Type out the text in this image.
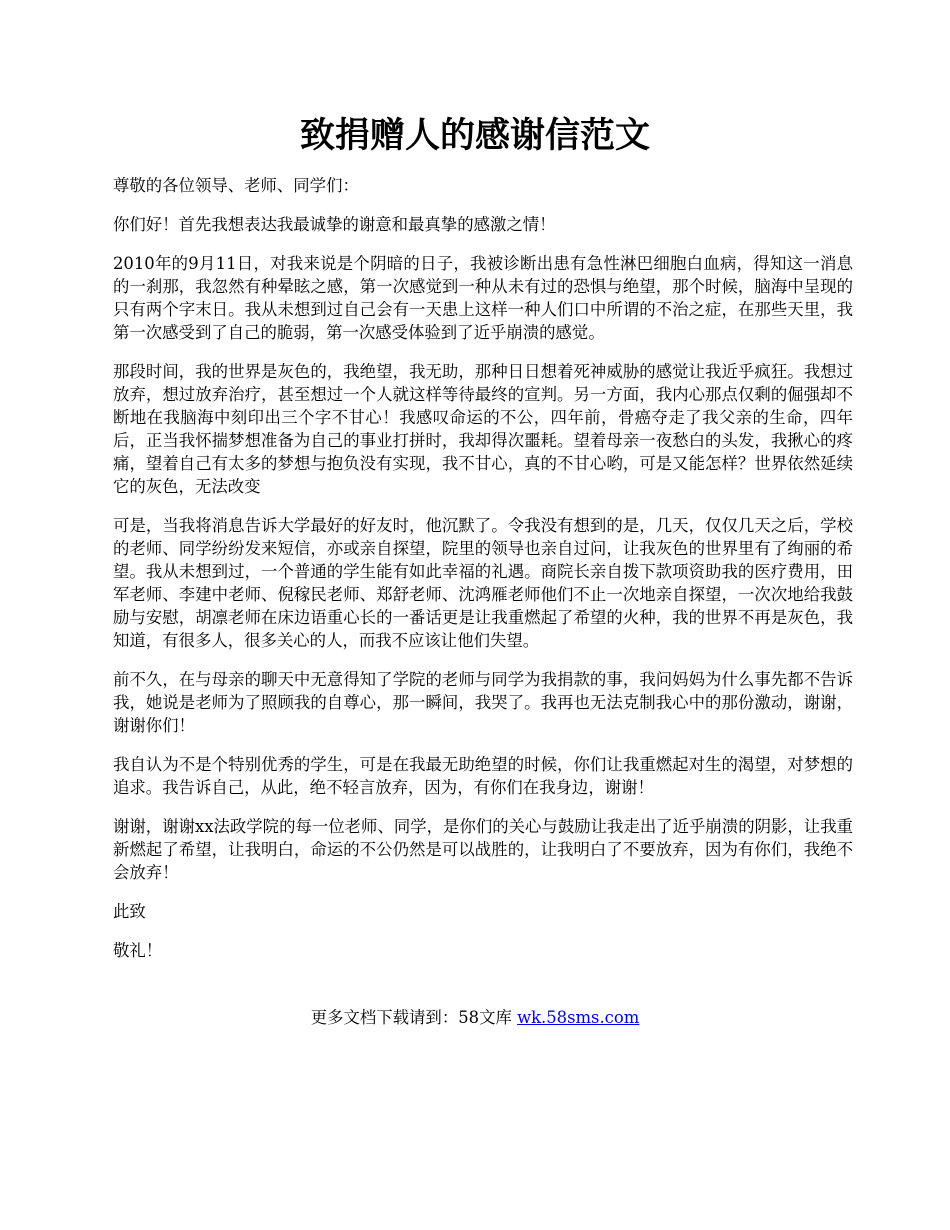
致捐赠人的感谢信范文

尊敬的各位领导、老师、同学们：

你们好！首先我想表达我最诚挚的谢意和最真挚的感激之情！

2010年的9月11日，对我来说是个阴暗的日子，我被诊断出患有急性淋巴细胞白血病，得知这一消息的一刹那，我忽然有种晕眩之感，第一次感觉到一种从未有过的恐惧与绝望，那个时候，脑海中呈现的只有两个字末日。我从未想到过自己会有一天患上这样一种人们口中所谓的不治之症，在那些天里，我第一次感受到了自己的脆弱，第一次感受体验到了近乎崩溃的感觉。

那段时间，我的世界是灰色的，我绝望，我无助，那种日日想着死神威胁的感觉让我近乎疯狂。我想过放弃，想过放弃治疗，甚至想过一个人就这样等待最终的宣判。另一方面，我内心那点仅剩的倔强却不断地在我脑海中刻印出三个字不甘心！我感叹命运的不公，四年前，骨癌夺走了我父亲的生命，四年后，正当我怀揣梦想准备为自己的事业打拼时，我却得次噩耗。望着母亲一夜愁白的头发，我揪心的疼痛，望着自己有太多的梦想与抱负没有实现，我不甘心，真的不甘心哟，可是又能怎样？世界依然延续它的灰色，无法改变

可是，当我将消息告诉大学最好的好友时，他沉默了。令我没有想到的是，几天，仅仅几天之后，学校的老师、同学纷纷发来短信，亦或亲自探望，院里的领导也亲自过问，让我灰色的世界里有了绚丽的希望。我从未想到过，一个普通的学生能有如此幸福的礼遇。商院长亲自拨下款项资助我的医疗费用，田军老师、李建中老师、倪稼民老师、郑舒老师、沈鸿雁老师他们不止一次地亲自探望，一次次地给我鼓励与安慰，胡凛老师在床边语重心长的一番话更是让我重燃起了希望的火种，我的世界不再是灰色，我知道，有很多人，很多关心的人，而我不应该让他们失望。

前不久，在与母亲的聊天中无意得知了学院的老师与同学为我捐款的事，我问妈妈为什么事先都不告诉我，她说是老师为了照顾我的自尊心，那一瞬间，我哭了。我再也无法克制我心中的那份激动，谢谢，谢谢你们！

我自认为不是个特别优秀的学生，可是在我最无助绝望的时候，你们让我重燃起对生的渴望，对梦想的追求。我告诉自己，从此，绝不轻言放弃，因为，有你们在我身边，谢谢！

谢谢，谢谢xx法政学院的每一位老师、同学，是你们的关心与鼓励让我走出了近乎崩溃的阴影，让我重新燃起了希望，让我明白，命运的不公仍然是可以战胜的，让我明白了不要放弃，因为有你们，我绝不会放弃！

此致

敬礼！

更多文档下载请到：58文库 wk.58sms.com
